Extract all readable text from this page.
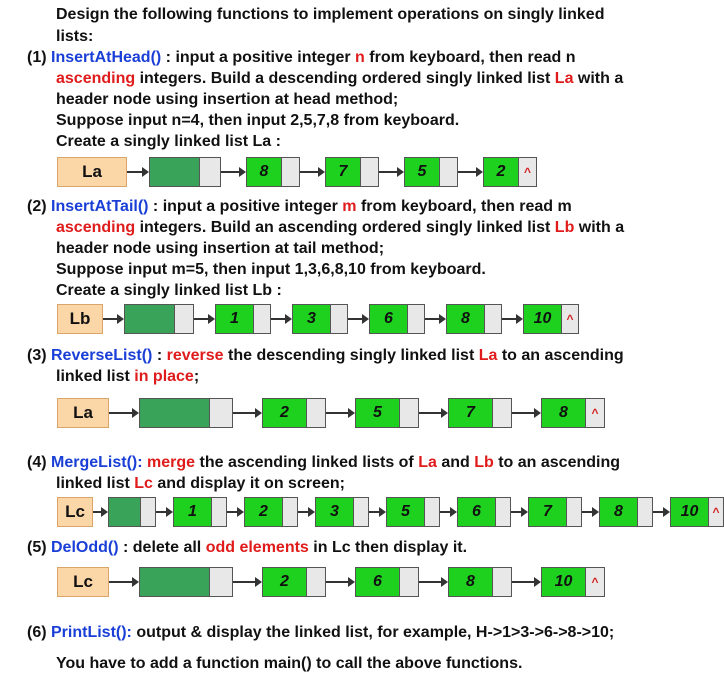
Design the following functions to implement operations on singly linked
lists:
(1) InsertAtHead() : input a positive integer n from keyboard, then read n
ascending integers. Build a descending ordered singly linked list La with a
header node using insertion at head method;
Suppose input n=4, then input 2,5,7,8 from keyboard.
Create a singly linked list La :
La	8	7	5	2	^
(2) InsertAtTail() : input a positive integer m from keyboard, then read m
ascending integers. Build an ascending ordered singly linked list Lb with a
header node using insertion at tail method;
Suppose input m=5, then input 1,3,6,8,10 from keyboard.
Create a singly linked list Lb :
Lb	1	3	6	8	10	^
(3) ReverseList() : reverse the descending singly linked list La to an ascending
linked list in place;
La	2	5	7	8	^
(4) MergeList(): merge the ascending linked lists of La and Lb to an ascending
linked list Lc and display it on screen;
Lc	1	2	3	5	6	7	8	10	^
(5) DelOdd() : delete all odd elements in Lc then display it.
Lc	2	6	8	10	^
(6) PrintList(): output & display the linked list, for example, H->1>3->6->8->10;
You have to add a function main() to call the above functions.
